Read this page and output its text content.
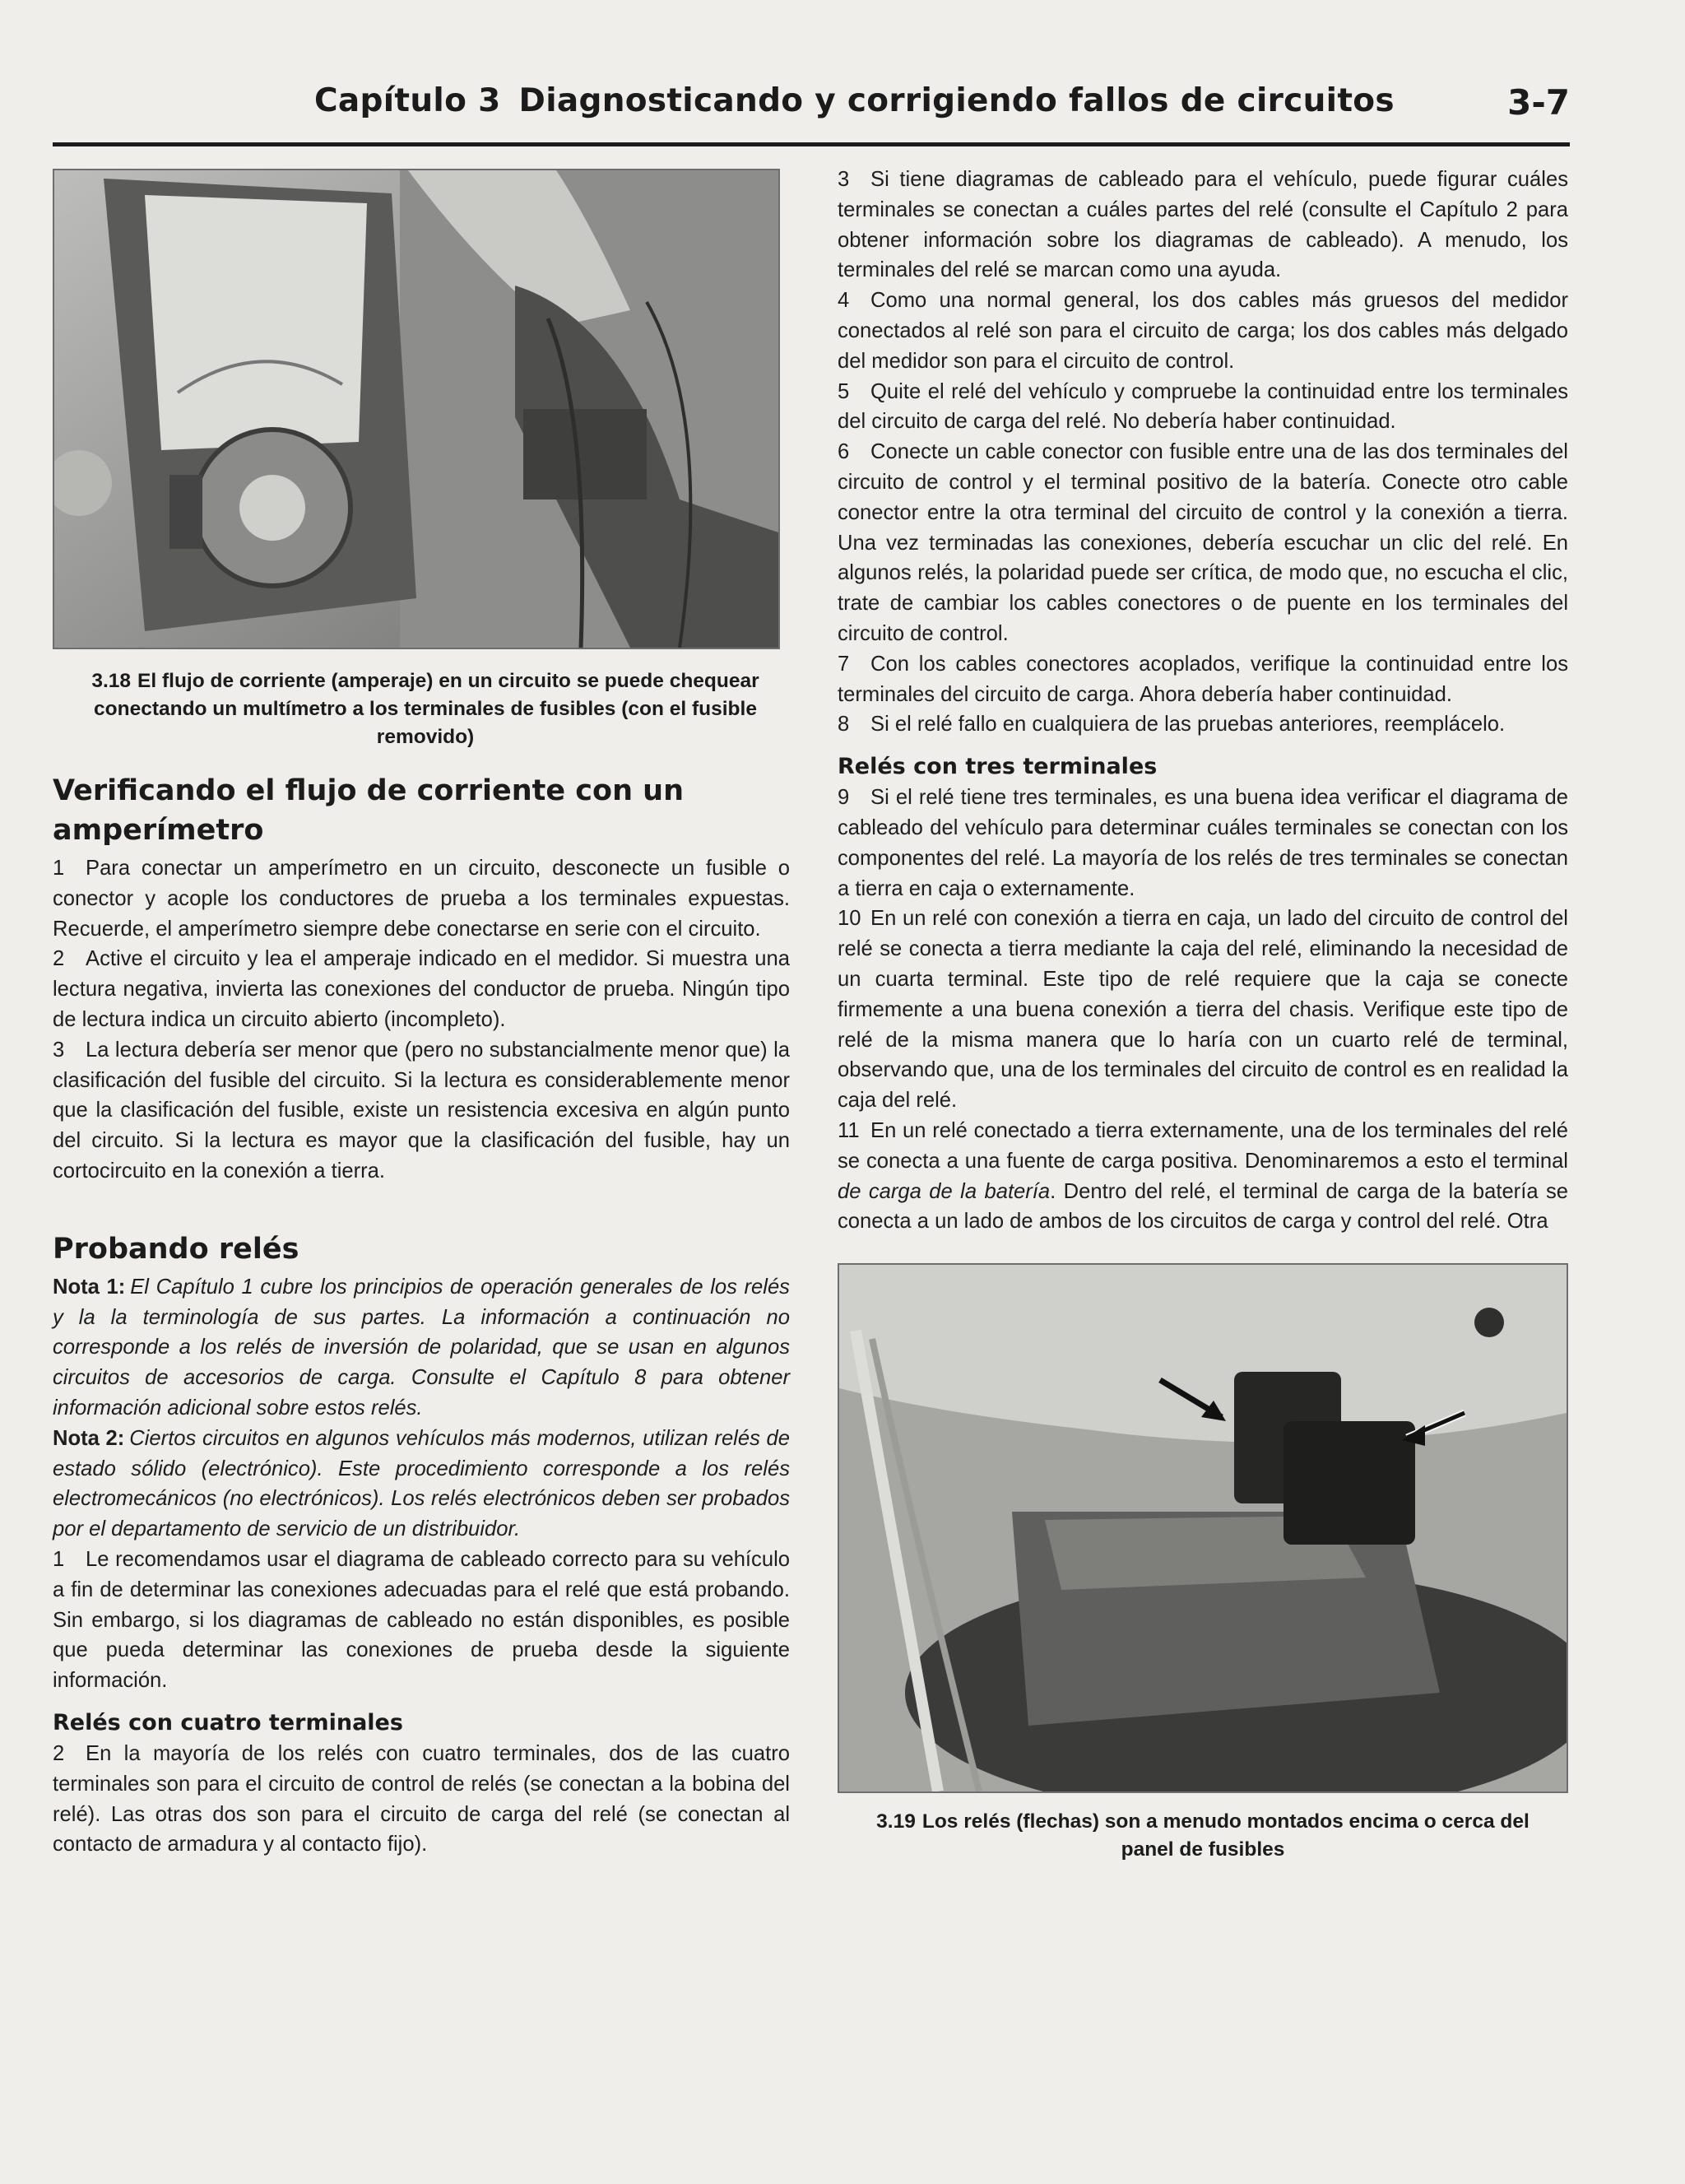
Capítulo 3 Diagnosticando y corrigiendo fallos de circuitos	3-7
3.18 El flujo de corriente (amperaje) en un circuito se puede chequear conectando un multímetro a los terminales de fusibles (con el fusible removido)
Verificando el flujo de corriente con un amperímetro

1 Para conectar un amperímetro en un circuito, desconecte un fusible o conector y acople los conductores de prueba a los terminales expuestas. Recuerde, el amperímetro siempre debe conectarse en serie con el circuito.

2 Active el circuito y lea el amperaje indicado en el medidor. Si muestra una lectura negativa, invierta las conexiones del conductor de prueba. Ningún tipo de lectura indica un circuito abierto (incompleto).

3 La lectura debería ser menor que (pero no substancialmente menor que) la clasificación del fusible del circuito. Si la lectura es considerablemente menor que la clasificación del fusible, existe un resistencia excesiva en algún punto del circuito. Si la lectura es mayor que la clasificación del fusible, hay un cortocircuito en la conexión a tierra.

Probando relés

Nota 1: El Capítulo 1 cubre los principios de operación generales de los relés y la la terminología de sus partes. La información a continuación no corresponde a los relés de inversión de polaridad, que se usan en algunos circuitos de accesorios de carga. Consulte el Capítulo 8 para obtener información adicional sobre estos relés.

Nota 2: Ciertos circuitos en algunos vehículos más modernos, utilizan relés de estado sólido (electrónico). Este procedimiento corresponde a los relés electromecánicos (no electrónicos). Los relés electrónicos deben ser probados por el departamento de servicio de un distribuidor.

1 Le recomendamos usar el diagrama de cableado correcto para su vehículo a fin de determinar las conexiones adecuadas para el relé que está probando. Sin embargo, si los diagramas de cableado no están disponibles, es posible que pueda determinar las conexiones de prueba desde la siguiente información.

Relés con cuatro terminales

2 En la mayoría de los relés con cuatro terminales, dos de las cuatro terminales son para el circuito de control de relés (se conectan a la bobina del relé). Las otras dos son para el circuito de carga del relé (se conectan al contacto de armadura y al contacto fijo).

3 Si tiene diagramas de cableado para el vehículo, puede figurar cuáles terminales se conectan a cuáles partes del relé (consulte el Capítulo 2 para obtener información sobre los diagramas de cableado). A menudo, los terminales del relé se marcan como una ayuda.

4 Como una normal general, los dos cables más gruesos del medidor conectados al relé son para el circuito de carga; los dos cables más delgado del medidor son para el circuito de control.

5 Quite el relé del vehículo y compruebe la continuidad entre los terminales del circuito de carga del relé. No debería haber continuidad.

6 Conecte un cable conector con fusible entre una de las dos terminales del circuito de control y el terminal positivo de la batería. Conecte otro cable conector entre la otra terminal del circuito de control y la conexión a tierra. Una vez terminadas las conexiones, debería escuchar un clic del relé. En algunos relés, la polaridad puede ser crítica, de modo que, no escucha el clic, trate de cambiar los cables conectores o de puente en los terminales del circuito de control.

7 Con los cables conectores acoplados, verifique la continuidad entre los terminales del circuito de carga. Ahora debería haber continuidad.

8 Si el relé fallo en cualquiera de las pruebas anteriores, reemplácelo.

Relés con tres terminales

9 Si el relé tiene tres terminales, es una buena idea verificar el diagrama de cableado del vehículo para determinar cuáles terminales se conectan con los componentes del relé. La mayoría de los relés de tres terminales se conectan a tierra en caja o externamente.

10 En un relé con conexión a tierra en caja, un lado del circuito de control del relé se conecta a tierra mediante la caja del relé, eliminando la necesidad de un cuarta terminal. Este tipo de relé requiere que la caja se conecte firmemente a una buena conexión a tierra del chasis. Verifique este tipo de relé de la misma manera que lo haría con un cuarto relé de terminal, observando que, una de los terminales del circuito de control es en realidad la caja del relé.

11 En un relé conectado a tierra externamente, una de los terminales del relé se conecta a una fuente de carga positiva. Denominaremos a esto el terminal de carga de la batería. Dentro del relé, el terminal de carga de la batería se conecta a un lado de ambos de los circuitos de carga y control del relé. Otra

3.19 Los relés (flechas) son a menudo montados encima o cerca del panel de fusibles
